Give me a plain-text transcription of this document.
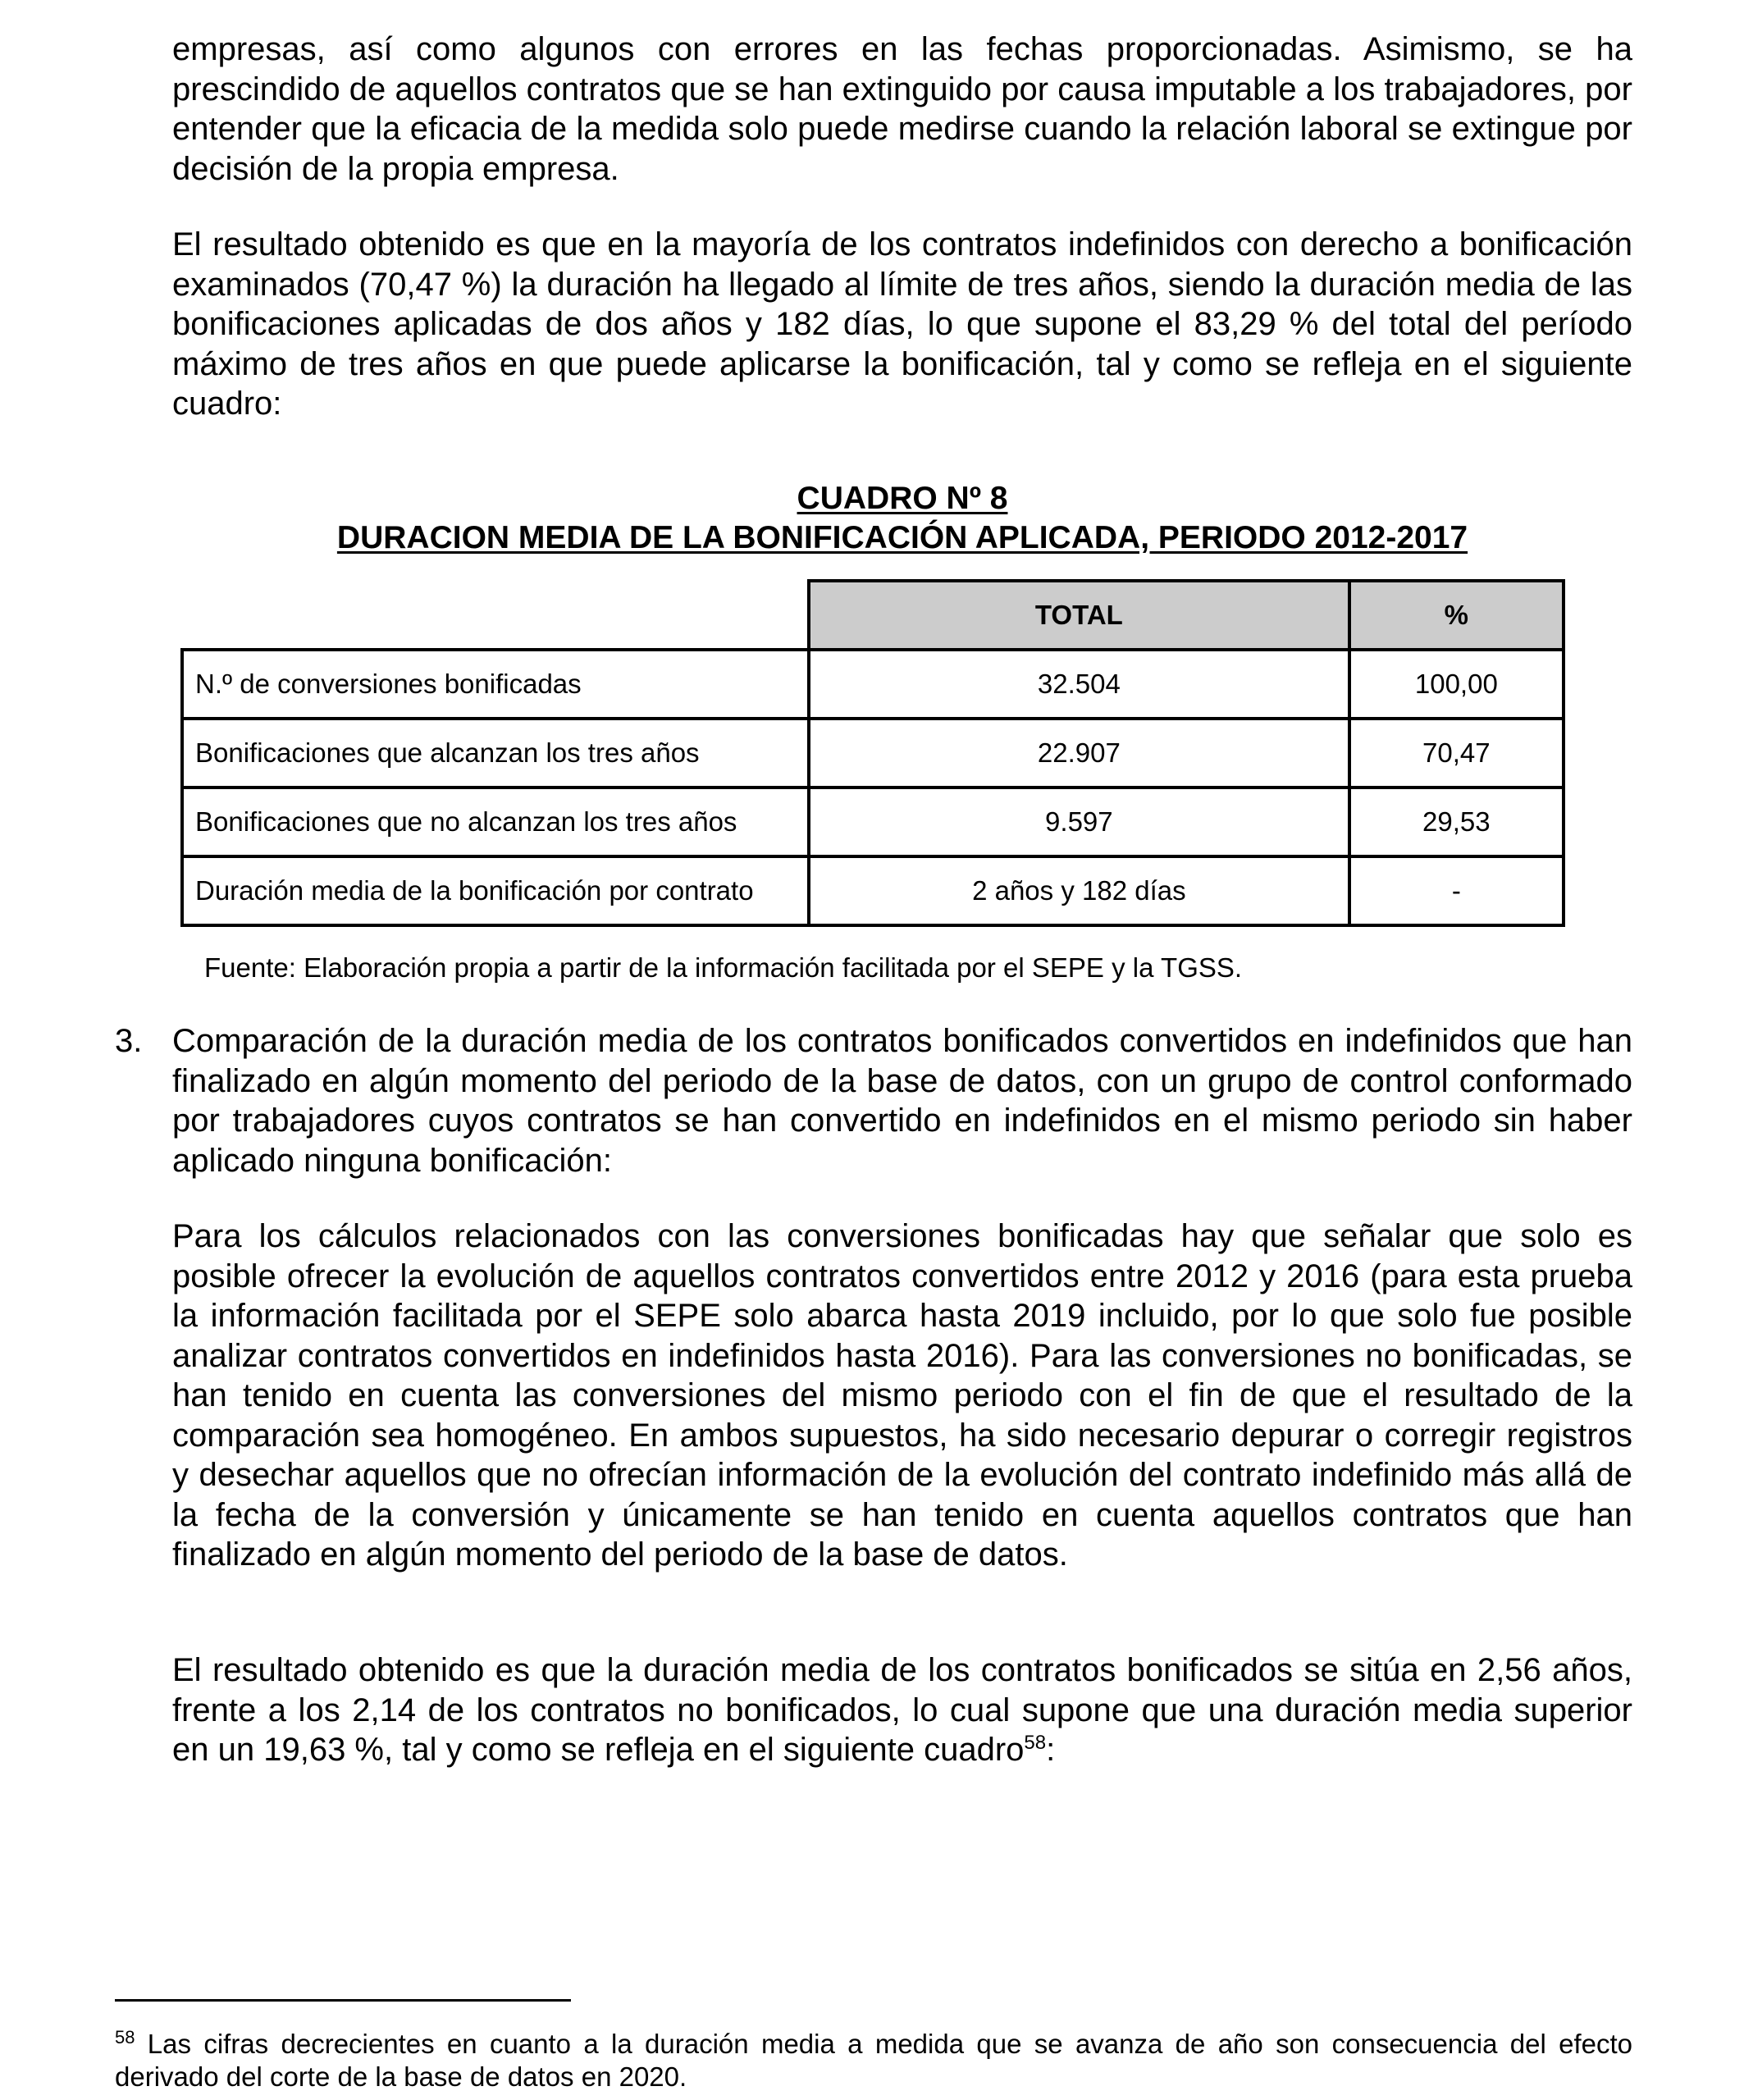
empresas, así como algunos con errores en las fechas proporcionadas. Asimismo, se ha prescindido de aquellos contratos que se han extinguido por causa imputable a los trabajadores, por entender que la eficacia de la medida solo puede medirse cuando la relación laboral se extingue por decisión de la propia empresa.

El resultado obtenido es que en la mayoría de los contratos indefinidos con derecho a bonificación examinados (70,47 %) la duración ha llegado al límite de tres años, siendo la duración media de las bonificaciones aplicadas de dos años y 182 días, lo que supone el 83,29 % del total del período máximo de tres años en que puede aplicarse la bonificación, tal y como se refleja en el siguiente cuadro:

CUADRO Nº 8
DURACION MEDIA DE LA BONIFICACIÓN APLICADA, PERIODO 2012-2017
	TOTAL	%
N.º de conversiones bonificadas	32.504	100,00
Bonificaciones que alcanzan los tres años	22.907	70,47
Bonificaciones que no alcanzan los tres años	9.597	29,53
Duración media de la bonificación por contrato	2 años y 182 días	-
Fuente: Elaboración propia a partir de la información facilitada por el SEPE y la TGSS.
3. Comparación de la duración media de los contratos bonificados convertidos en indefinidos que han finalizado en algún momento del periodo de la base de datos, con un grupo de control conformado por trabajadores cuyos contratos se han convertido en indefinidos en el mismo periodo sin haber aplicado ninguna bonificación:

Para los cálculos relacionados con las conversiones bonificadas hay que señalar que solo es posible ofrecer la evolución de aquellos contratos convertidos entre 2012 y 2016 (para esta prueba la información facilitada por el SEPE solo abarca hasta 2019 incluido, por lo que solo fue posible analizar contratos convertidos en indefinidos hasta 2016). Para las conversiones no bonificadas, se han tenido en cuenta las conversiones del mismo periodo con el fin de que el resultado de la comparación sea homogéneo. En ambos supuestos, ha sido necesario depurar o corregir registros y desechar aquellos que no ofrecían información de la evolución del contrato indefinido más allá de la fecha de la conversión y únicamente se han tenido en cuenta aquellos contratos que han finalizado en algún momento del periodo de la base de datos.

El resultado obtenido es que la duración media de los contratos bonificados se sitúa en 2,56 años, frente a los 2,14 de los contratos no bonificados, lo cual supone que una duración media superior en un 19,63 %, tal y como se refleja en el siguiente cuadro$^{58}$:

$^{58}$ Las cifras decrecientes en cuanto a la duración media a medida que se avanza de año son consecuencia del efecto derivado del corte de la base de datos en 2020.
